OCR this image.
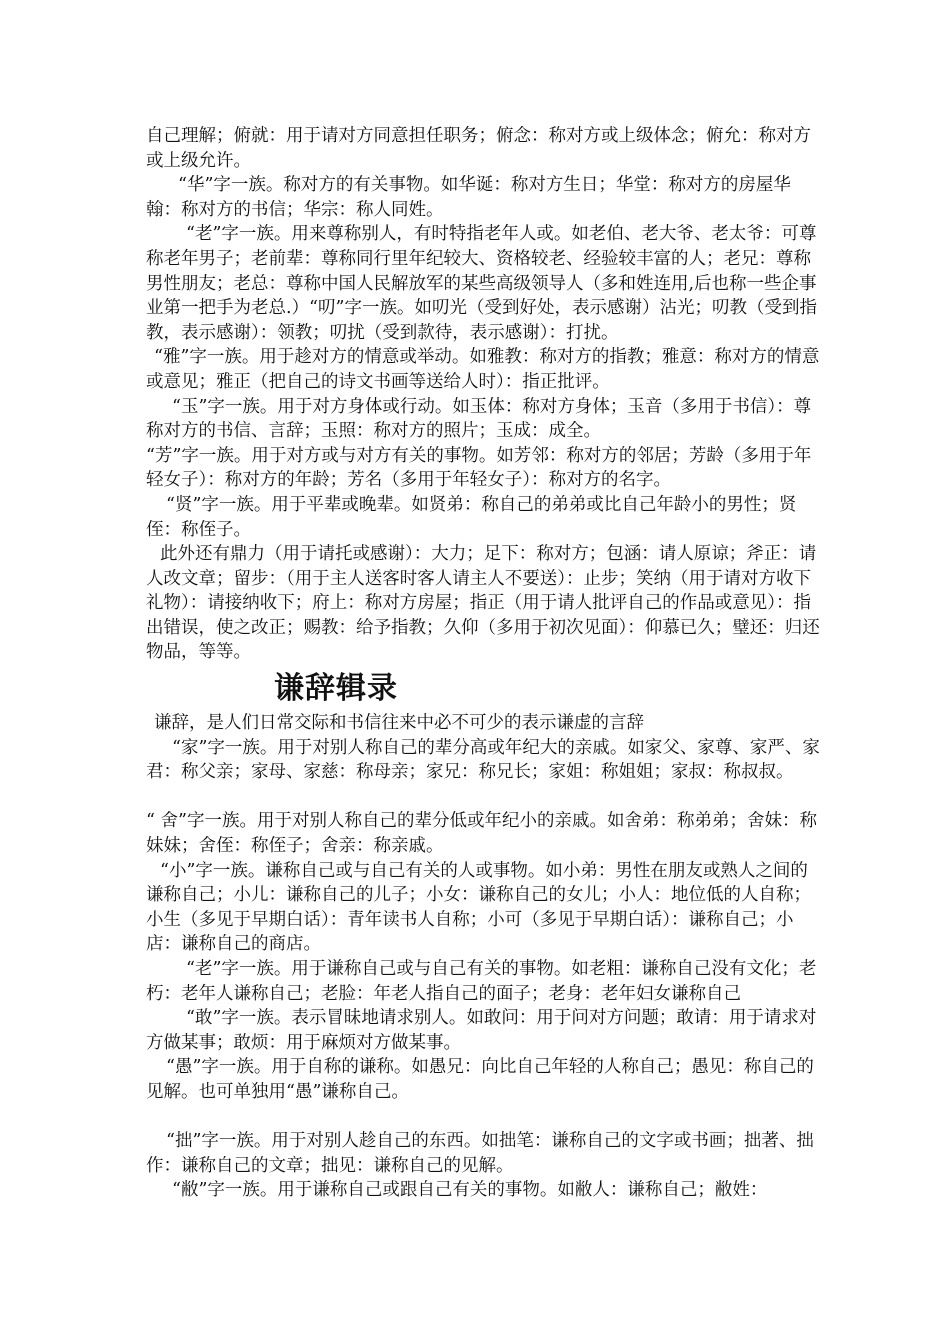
自己理解；俯就：用于请对方同意担任职务；俯念：称对方或上级体念；俯允：称对方或上级允许。

“华”字一族。称对方的有关事物。如华诞：称对方生日；华堂：称对方的房屋华翰：称对方的书信；华宗：称人同姓。

“老”字一族。用来尊称别人，有时特指老年人或。如老伯、老大爷、老太爷：可尊称老年男子；老前辈：尊称同行里年纪较大、资格较老、经验较丰富的人；老兄：尊称男性朋友；老总：尊称中国人民解放军的某些高级领导人（多和姓连用,后也称一些企事业第一把手为老总.）“叨”字一族。如叨光（受到好处，表示感谢）沾光；叨教（受到指教，表示感谢）：领教；叨扰（受到款待，表示感谢）：打扰。

“雅”字一族。用于趁对方的情意或举动。如雅教：称对方的指教；雅意：称对方的情意或意见；雅正（把自己的诗文书画等送给人时）：指正批评。

“玉”字一族。用于对方身体或行动。如玉体：称对方身体；玉音（多用于书信）：尊称对方的书信、言辞；玉照：称对方的照片；玉成：成全。

“芳”字一族。用于对方或与对方有关的事物。如芳邻：称对方的邻居；芳龄（多用于年轻女子）：称对方的年龄；芳名（多用于年轻女子）：称对方的名字。

“贤”字一族。用于平辈或晚辈。如贤弟：称自己的弟弟或比自己年龄小的男性；贤侄：称侄子。

此外还有鼎力（用于请托或感谢）：大力；足下：称对方；包涵：请人原谅；斧正：请人改文章；留步：（用于主人送客时客人请主人不要送）：止步；笑纳（用于请对方收下礼物）：请接纳收下；府上：称对方房屋；指正（用于请人批评自己的作品或意见）：指出错误，使之改正；赐教：给予指教；久仰（多用于初次见面）：仰慕已久；璧还：归还物品，等等。

谦辞辑录

谦辞，是人们日常交际和书信往来中必不可少的表示谦虚的言辞

“家”字一族。用于对别人称自己的辈分高或年纪大的亲戚。如家父、家尊、家严、家君：称父亲；家母、家慈：称母亲；家兄：称兄长；家姐：称姐姐；家叔：称叔叔。

“ 舍”字一族。用于对别人称自己的辈分低或年纪小的亲戚。如舍弟：称弟弟；舍妹：称妹妹；舍侄：称侄子；舍亲：称亲戚。

“小”字一族。谦称自己或与自己有关的人或事物。如小弟：男性在朋友或熟人之间的谦称自己；小儿：谦称自己的儿子；小女：谦称自己的女儿；小人：地位低的人自称；小生（多见于早期白话）：青年读书人自称；小可（多见于早期白话）：谦称自己；小店：谦称自己的商店。

“老”字一族。用于谦称自己或与自己有关的事物。如老粗：谦称自己没有文化；老朽：老年人谦称自己；老脸：年老人指自己的面子；老身：老年妇女谦称自己

“敢”字一族。表示冒昧地请求别人。如敢问：用于问对方问题；敢请：用于请求对方做某事；敢烦：用于麻烦对方做某事。

“愚”字一族。用于自称的谦称。如愚兄：向比自己年轻的人称自己；愚见：称自己的见解。也可单独用“愚”谦称自己。

“拙”字一族。用于对别人趁自己的东西。如拙笔：谦称自己的文字或书画；拙著、拙作：谦称自己的文章；拙见：谦称自己的见解。

“敝”字一族。用于谦称自己或跟自己有关的事物。如敝人：谦称自己；敝姓：
